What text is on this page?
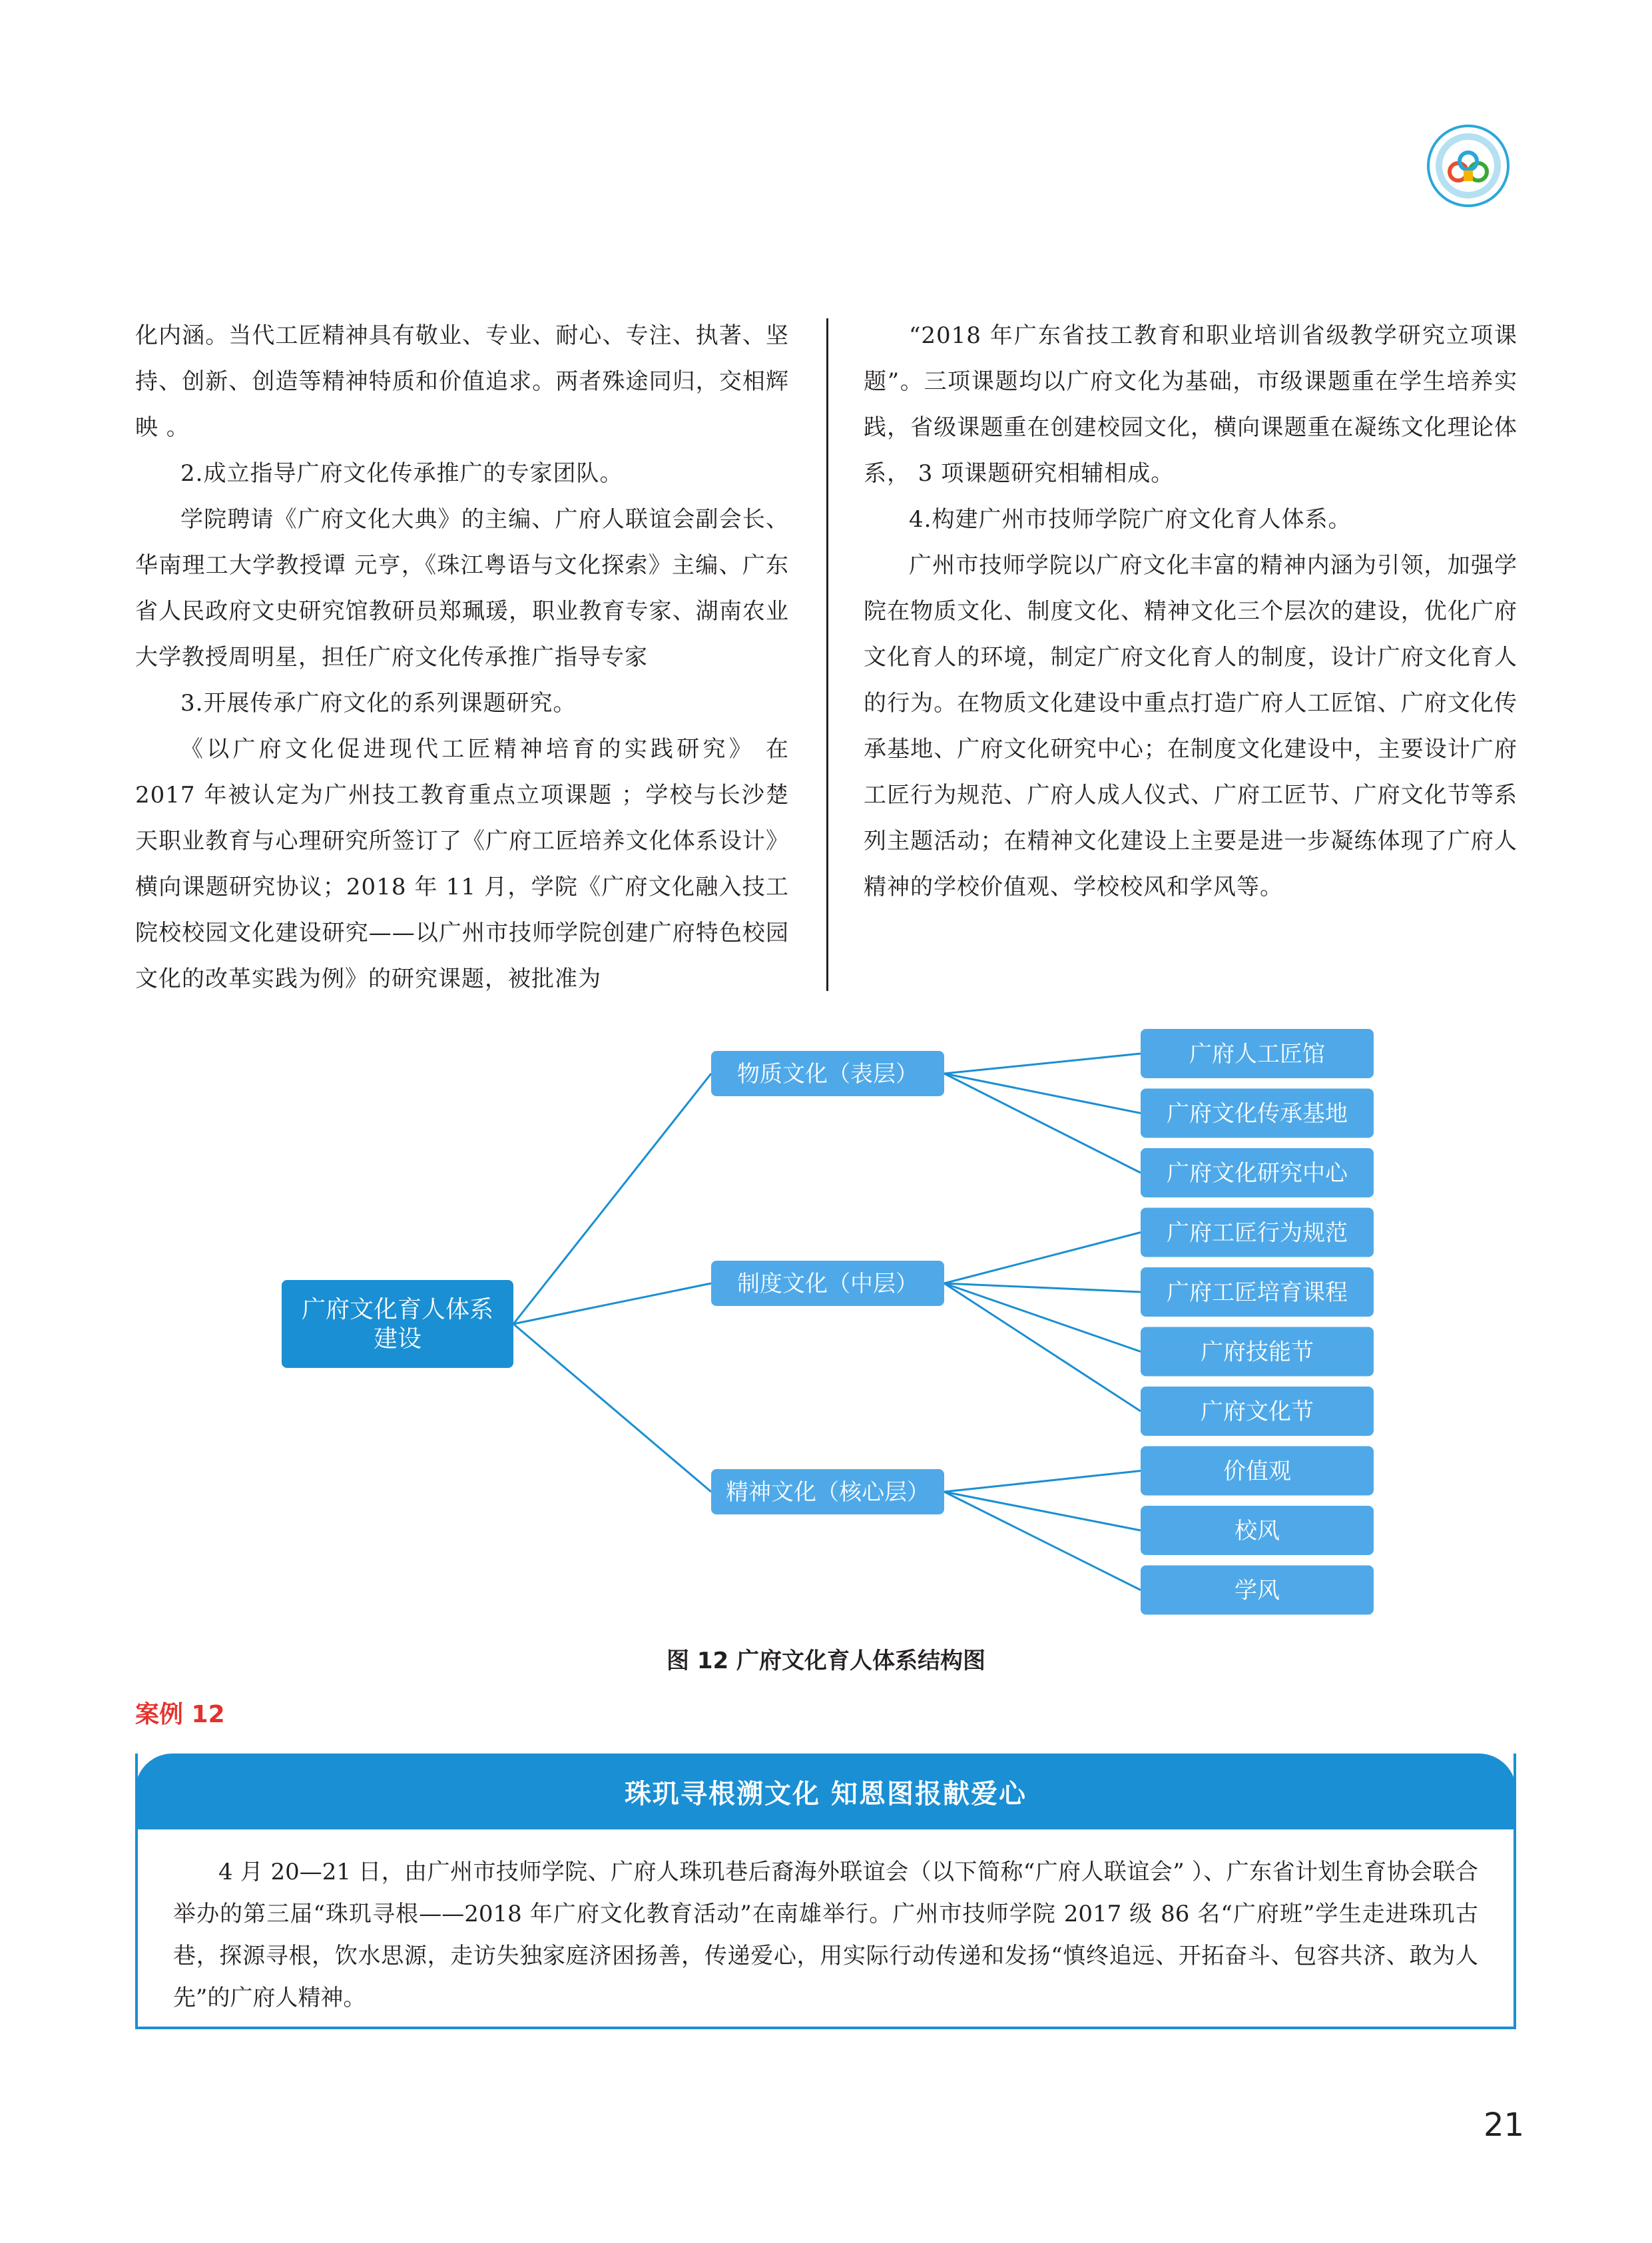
化内涵。当代工匠精神具有敬业、专业、耐心、专注、执著、坚持、创新、创造等精神特质和价值追求。两者殊途同归，交相辉映 。

2.成立指导广府文化传承推广的专家团队。

学院聘请《广府文化大典》的主编、广府人联谊会副会长、华南理工大学教授谭 元亨，《珠江粤语与文化探索》主编、广东省人民政府文史研究馆教研员郑珮瑗，职业教育专家、湖南农业大学教授周明星，担任广府文化传承推广指导专家

3.开展传承广府文化的系列课题研究。

《以广府文化促进现代工匠精神培育的实践研究》 在 2017 年被认定为广州技工教育重点立项课题 ；学校与长沙楚天职业教育与心理研究所签订了《广府工匠培养文化体系设计》横向课题研究协议；2018 年 11 月，学院《广府文化融入技工院校校园文化建设研究——以广州市技师学院创建广府特色校园文化的改革实践为例》的研究课题，被批准为

“2018 年广东省技工教育和职业培训省级教学研究立项课题”。三项课题均以广府文化为基础，市级课题重在学生培养实践，省级课题重在创建校园文化，横向课题重在凝练文化理论体系， 3 项课题研究相辅相成。

4.构建广州市技师学院广府文化育人体系。

广州市技师学院以广府文化丰富的精神内涵为引领，加强学院在物质文化、制度文化、精神文化三个层次的建设，优化广府文化育人的环境，制定广府文化育人的制度，设计广府文化育人的行为。在物质文化建设中重点打造广府人工匠馆、广府文化传承基地、广府文化研究中心；在制度文化建设中，主要设计广府工匠行为规范、广府人成人仪式、广府工匠节、广府文化节等系列主题活动；在精神文化建设上主要是进一步凝练体现了广府人精神的学校价值观、学校校风和学风等。

广府文化育人体系
建设
物质文化（表层）
广府人工匠馆
广府文化传承基地
广府文化研究中心
制度文化（中层）
广府工匠行为规范
广府工匠培育课程
广府技能节
广府文化节
精神文化（核心层）
价值观
校风
学风
图 12 广府文化育人体系结构图
案例 12
珠玑寻根溯文化 知恩图报献爱心
4 月 20—21 日，由广州市技师学院、广府人珠玑巷后裔海外联谊会（以下简称“广府人联谊会” ）、广东省计划生育协会联合举办的第三届“珠玑寻根——2018 年广府文化教育活动”在南雄举行。广州市技师学院 2017 级 86 名“广府班”学生走进珠玑古巷，探源寻根，饮水思源，走访失独家庭济困扬善，传递爱心，用实际行动传递和发扬“慎终追远、开拓奋斗、包容共济、敢为人先”的广府人精神。
21
